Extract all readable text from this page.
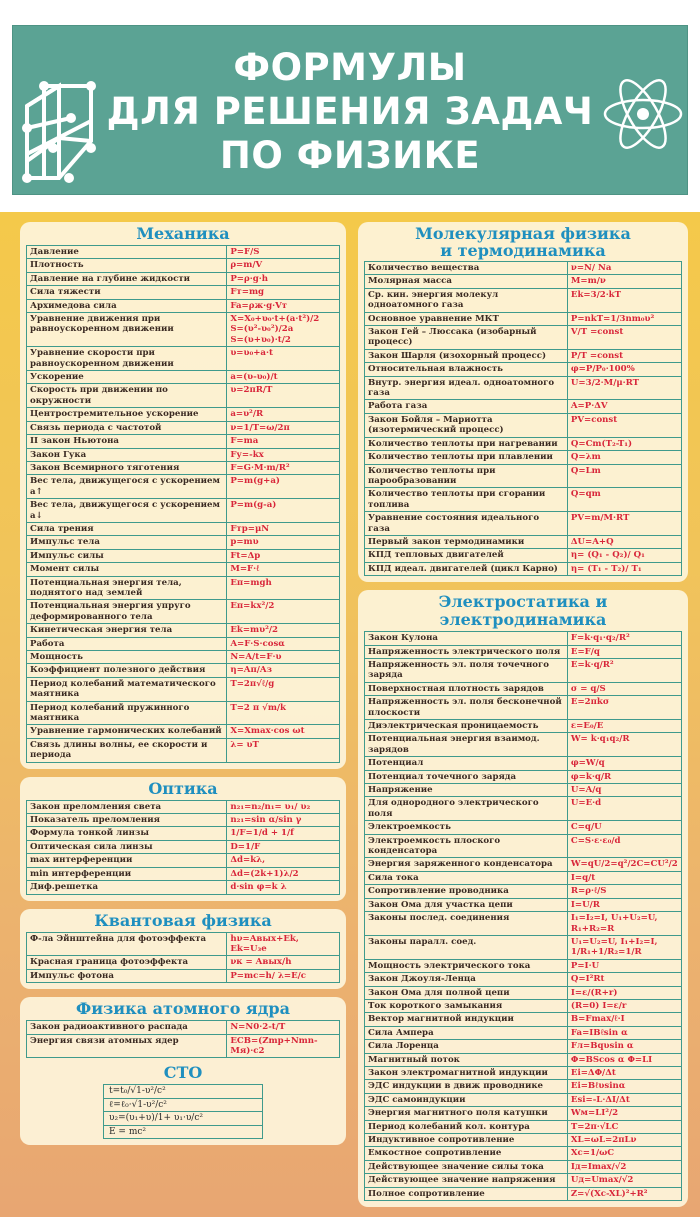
ФОРМУЛЫ
ДЛЯ РЕШЕНИЯ ЗАДАЧ
ПО ФИЗИКЕ
Механика
Давление	P=F/S
Плотность	ρ=m/V
Давление на глубине жидкости	P=ρ·g·h
Сила тяжести	Fт=mg
Архимедова сила	Fa=ρж·g·Vт
Уравнение движения при равноускоренном движении	X=X₀+υ₀·t+(a·t²)/2
S=(υ²-υ₀²)/2a
S=(υ+υ₀)·t/2
Уравнение скорости при равноускоренном движении	υ=υ₀+a·t
Ускорение	a=(υ-υ₀)/t
Скорость при движении по окружности	υ=2πR/T
Центростремительное ускорение	a=υ²/R
Связь периода с частотой	ν=1/T=ω/2π
II закон Ньютона	F=ma
Закон Гука	Fу=-kx
Закон Всемирного тяготения	F=G·M·m/R²
Вес тела, движущегося с ускорением a↑	P=m(g+a)
Вес тела, движущегося с ускорением a↓	P=m(g-a)
Сила трения	Fтр=μN
Импульс тела	p=mυ
Импульс силы	Ft=Δp
Момент силы	M=F·ℓ
Потенциальная энергия тела, поднятого над землей	Eп=mgh
Потенциальная энергия упруго деформированного тела	Eп=kx²/2
Кинетическая энергия тела	Ek=mυ²/2
Работа	A=F·S·cosα
Мощность	N=A/t=F·υ
Коэффициент полезного действия	η=Aп/Aз
Период колебаний математического маятника	T=2π√ℓ/g
Период колебаний пружинного маятника	T=2 π √m/k
Уравнение гармонических колебаний	X=Xmax·cos ωt
Связь длины волны, ее скорости и периода	λ= υT
Оптика
Закон преломления света	n₂₁=n₂/n₁= υ₁/ υ₂
Показатель преломления	n₂₁=sin α/sin γ
Формула тонкой линзы	1/F=1/d + 1/f
Оптическая сила линзы	D=1/F
max интерференции	Δd=kλ,
min интерференции	Δd=(2k+1)λ/2
Диф.решетка	d·sin φ=k λ
Квантовая физика
Ф-ла Эйнштейна для фотоэффекта	hν=Aвых+Ek, Ek=U₃e
Красная граница фотоэффекта	νк = Aвых/h
Импульс фотона	P=mc=h/ λ=E/c
Физика атомного ядра
Закон радиоактивного распада	N=N0·2-t/T
Энергия связи атомных ядер	ECB=(Zmp+Nmn-Mя)·c2
СТО
t=t₀/√1-υ²/c²
ℓ=ℓ₀·√1-υ²/c²
υ₂=(υ₁+υ)/1+ υ₁·υ/c²
E = mc²
Молекулярная физика и термодинамика
Количество вещества	ν=N/ Na
Молярная масса	M=m/ν
Ср. кин. энергия молекул одноатомного газа	Ek=3/2·kT
Основное уравнение МКТ	P=nkT=1/3nm₀υ²
Закон Гей – Люссака (изобарный процесс)	V/T =const
Закон Шарля (изохорный процесс)	P/T =const
Относительная влажность	φ=P/P₀·100%
Внутр. энергия идеал. одноатомного газа	U=3/2·M/μ·RT
Работа газа	A=P·ΔV
Закон Бойля – Мариотта (изотермический процесс)	PV=const
Количество теплоты при нагревании	Q=Cm(T₂-T₁)
Количество теплоты при плавлении	Q=λm
Количество теплоты при парообразовании	Q=Lm
Количество теплоты при сгорании топлива	Q=qm
Уравнение состояния идеального газа	PV=m/M·RT
Первый закон термодинамики	ΔU=A+Q
КПД тепловых двигателей	η= (Q₁ - Q₂)/ Q₁
КПД идеал. двигателей (цикл Карно)	η= (T₁ - T₂)/ T₁
Электростатика и электродинамика
Закон Кулона	F=k·q₁·q₂/R²
Напряженность электрического поля	E=F/q
Напряженность эл. поля точечного заряда	E=k·q/R²
Поверхностная плотность зарядов	σ = q/S
Напряженность эл. поля бесконечной плоскости	E=2πkσ
Диэлектрическая проницаемость	ε=E₀/E
Потенциальная энергия взаимод. зарядов	W= k·q₁q₂/R
Потенциал	φ=W/q
Потенциал точечного заряда	φ=k·q/R
Напряжение	U=A/q
Для однородного электрического поля	U=E·d
Электроемкость	C=q/U
Электроемкость плоского конденсатора	C=S·ε·ε₀/d
Энергия заряженного конденсатора	W=qU/2=q²/2C=CU²/2
Сила тока	I=q/t
Сопротивление проводника	R=ρ·ℓ/S
Закон Ома для участка цепи	I=U/R
Законы послед. соединения	I₁=I₂=I, U₁+U₂=U, R₁+R₂=R
Законы паралл. соед.	U₁=U₂=U, I₁+I₂=I, 1/R₁+1/R₂=1/R
Мощность электрического тока	P=I·U
Закон Джоуля-Ленца	Q=I²Rt
Закон Ома для полной цепи	I=ε/(R+r)
Ток короткого замыкания	(R=0) I=ε/r
Вектор магнитной индукции	B=Fmax/ℓ·I
Сила Ампера	Fa=IBℓsin α
Сила Лоренца	Fл=Bqυsin α
Магнитный поток	Φ=BScos α Φ=LI
Закон электромагнитной индукции	Ei=ΔΦ/Δt
ЭДС индукции в движ проводнике	Ei=Bℓυsinα
ЭДС самоиндукции	Esi=-L·ΔI/Δt
Энергия магнитного поля катушки	Wм=LI²/2
Период колебаний кол. контура	T=2π·√LC
Индуктивное сопротивление	XL=ωL=2πLν
Емкостное сопротивление	Xc=1/ωC
Действующее значение силы тока	Iд=Imax/√2
Действующее значение напряжения	Uд=Umax/√2
Полное сопротивление	Z=√(Xc-XL)²+R²
